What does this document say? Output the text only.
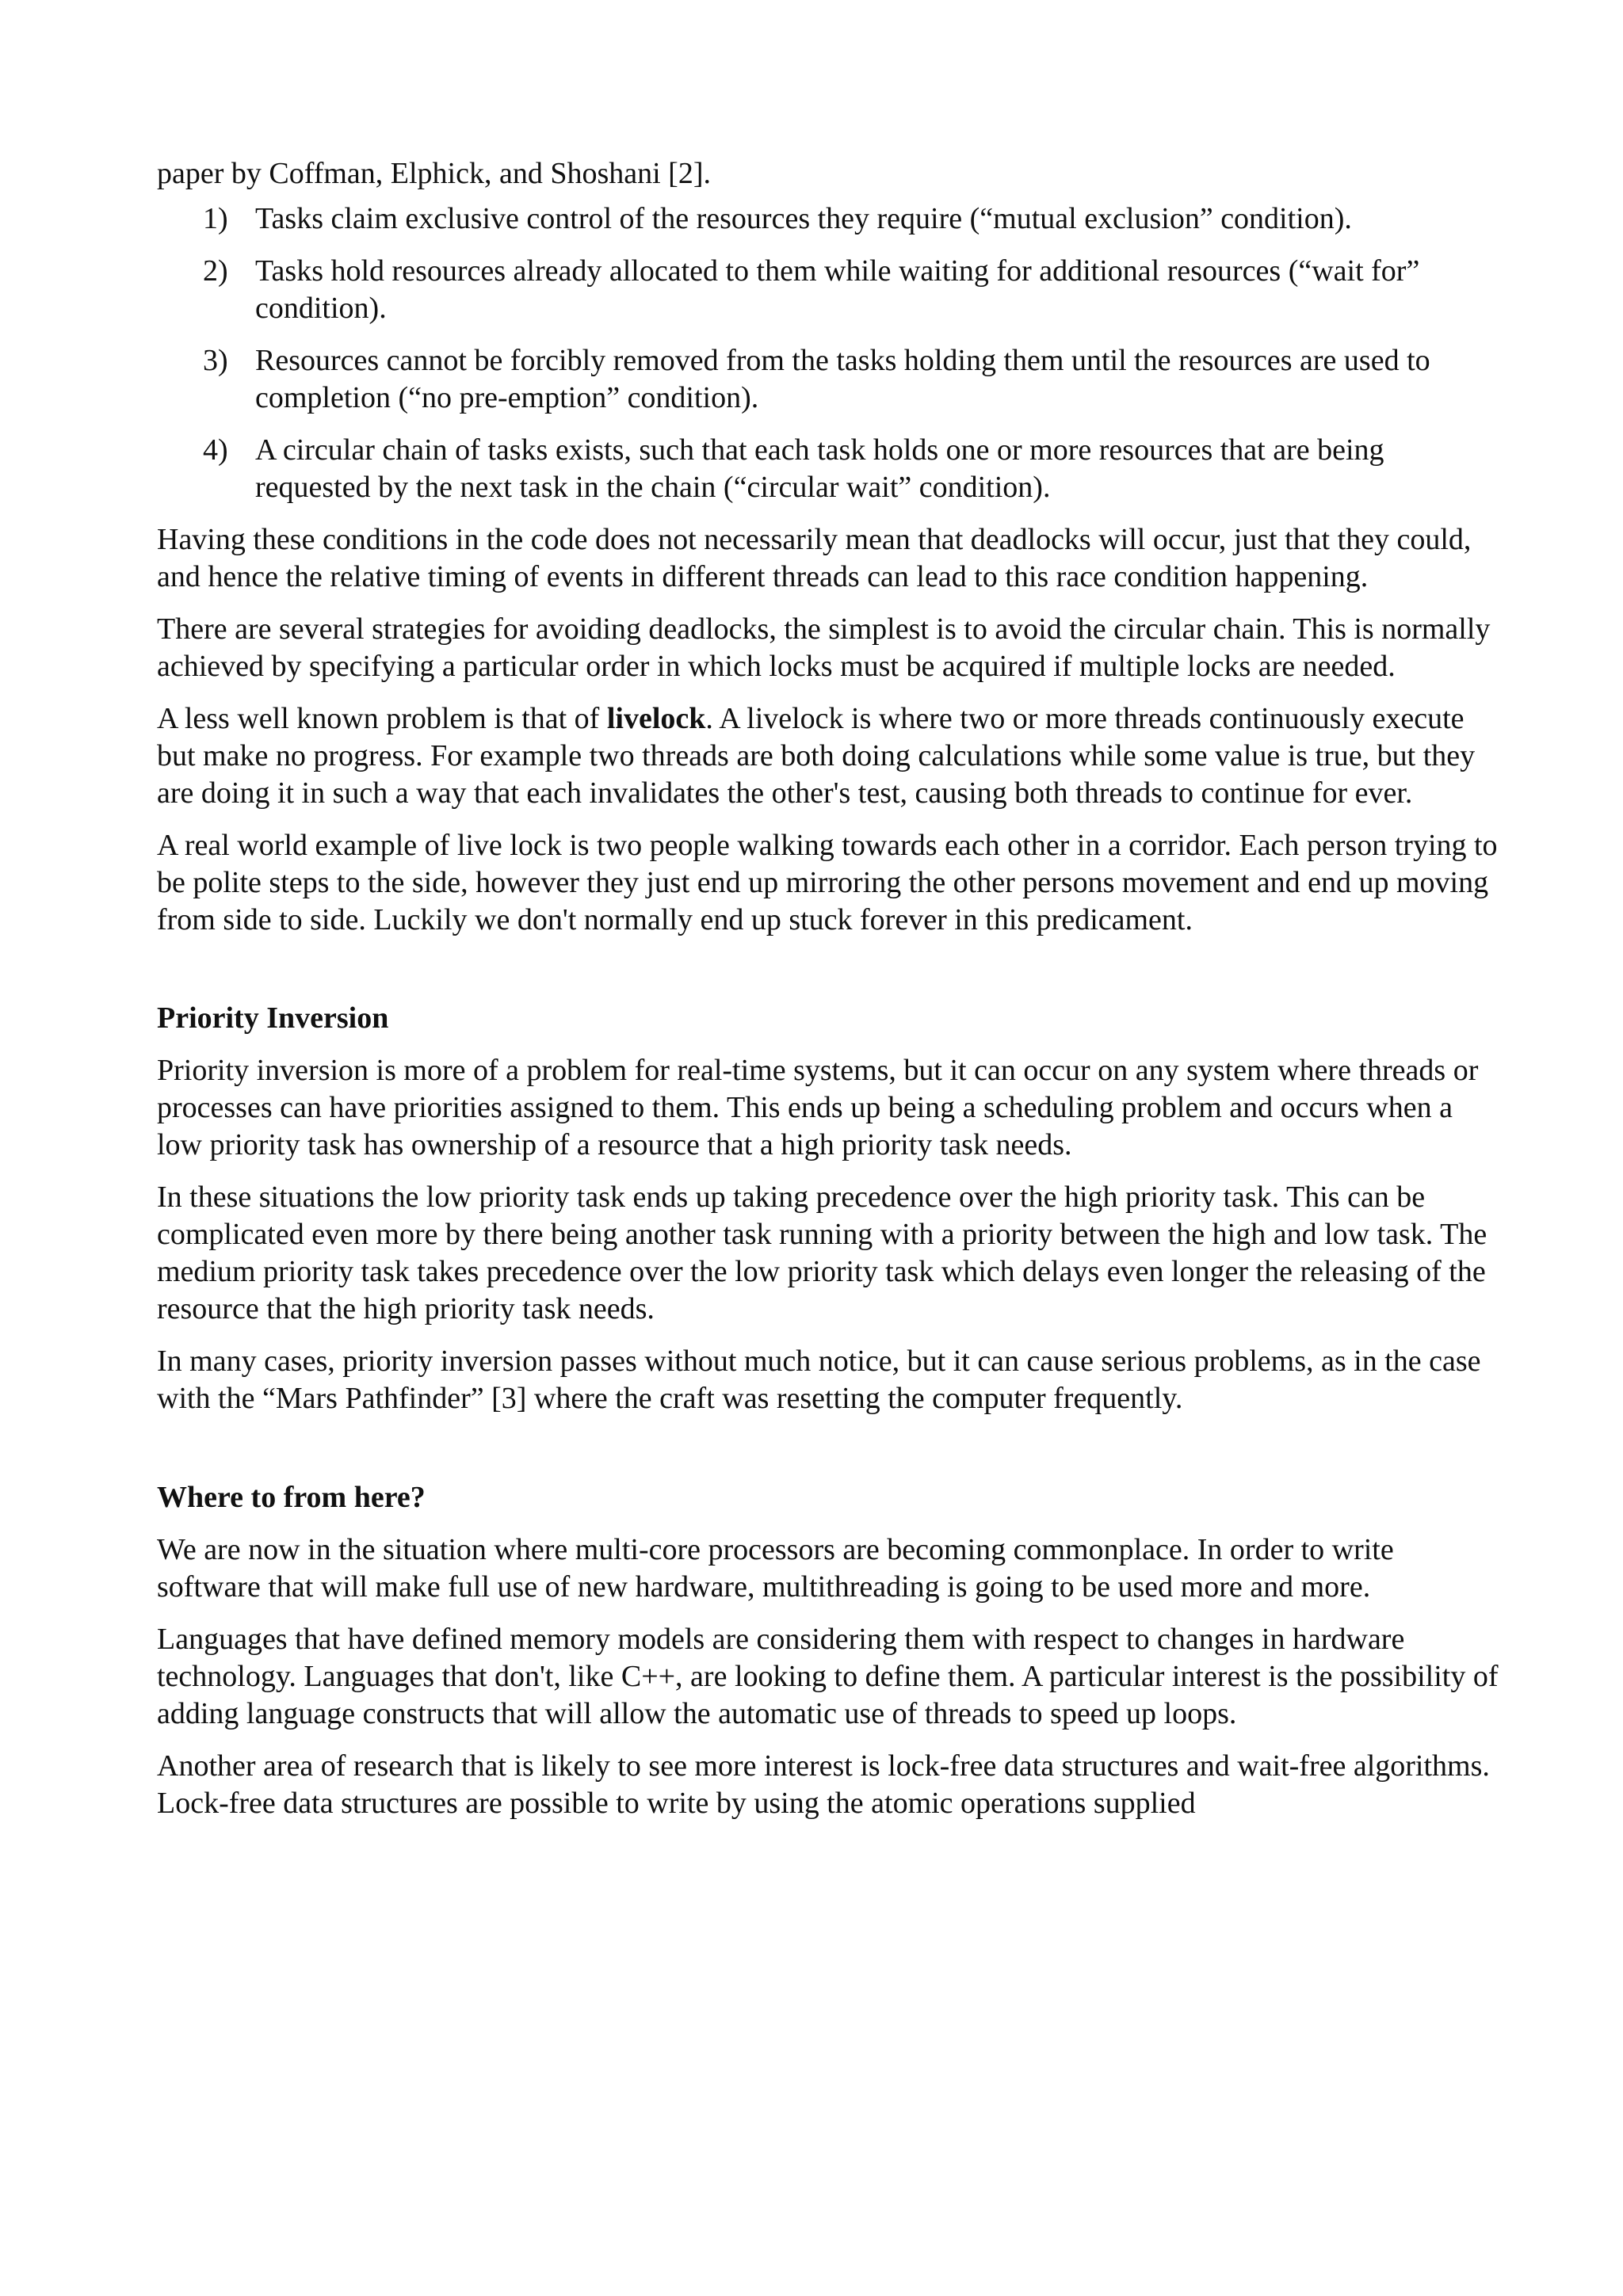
paper by Coffman, Elphick, and Shoshani [2].

1) Tasks claim exclusive control of the resources they require (“mutual exclusion” condition).
2) Tasks hold resources already allocated to them while waiting for additional resources (“wait for” condition).
3) Resources cannot be forcibly removed from the tasks holding them until the resources are used to completion (“no pre-emption” condition).
4) A circular chain of tasks exists, such that each task holds one or more resources that are being requested by the next task in the chain (“circular wait” condition).

Having these conditions in the code does not necessarily mean that deadlocks will occur, just that they could, and hence the relative timing of events in different threads can lead to this race condition happening.

There are several strategies for avoiding deadlocks, the simplest is to avoid the circular chain. This is normally achieved by specifying a particular order in which locks must be acquired if multiple locks are needed.

A less well known problem is that of livelock. A livelock is where two or more threads continuously execute but make no progress. For example two threads are both doing calculations while some value is true, but they are doing it in such a way that each invalidates the other's test, causing both threads to continue for ever.

A real world example of live lock is two people walking towards each other in a corridor. Each person trying to be polite steps to the side, however they just end up mirroring the other persons movement and end up moving from side to side. Luckily we don't normally end up stuck forever in this predicament.

Priority Inversion

Priority inversion is more of a problem for real-time systems, but it can occur on any system where threads or processes can have priorities assigned to them. This ends up being a scheduling problem and occurs when a low priority task has ownership of a resource that a high priority task needs.

In these situations the low priority task ends up taking precedence over the high priority task. This can be complicated even more by there being another task running with a priority between the high and low task. The medium priority task takes precedence over the low priority task which delays even longer the releasing of the resource that the high priority task needs.

In many cases, priority inversion passes without much notice, but it can cause serious problems, as in the case with the “Mars Pathfinder” [3] where the craft was resetting the computer frequently.

Where to from here?

We are now in the situation where multi-core processors are becoming commonplace. In order to write software that will make full use of new hardware, multithreading is going to be used more and more.

Languages that have defined memory models are considering them with respect to changes in hardware technology. Languages that don't, like C++, are looking to define them. A particular interest is the possibility of adding language constructs that will allow the automatic use of threads to speed up loops.

Another area of research that is likely to see more interest is lock-free data structures and wait-free algorithms. Lock-free data structures are possible to write by using the atomic operations supplied
